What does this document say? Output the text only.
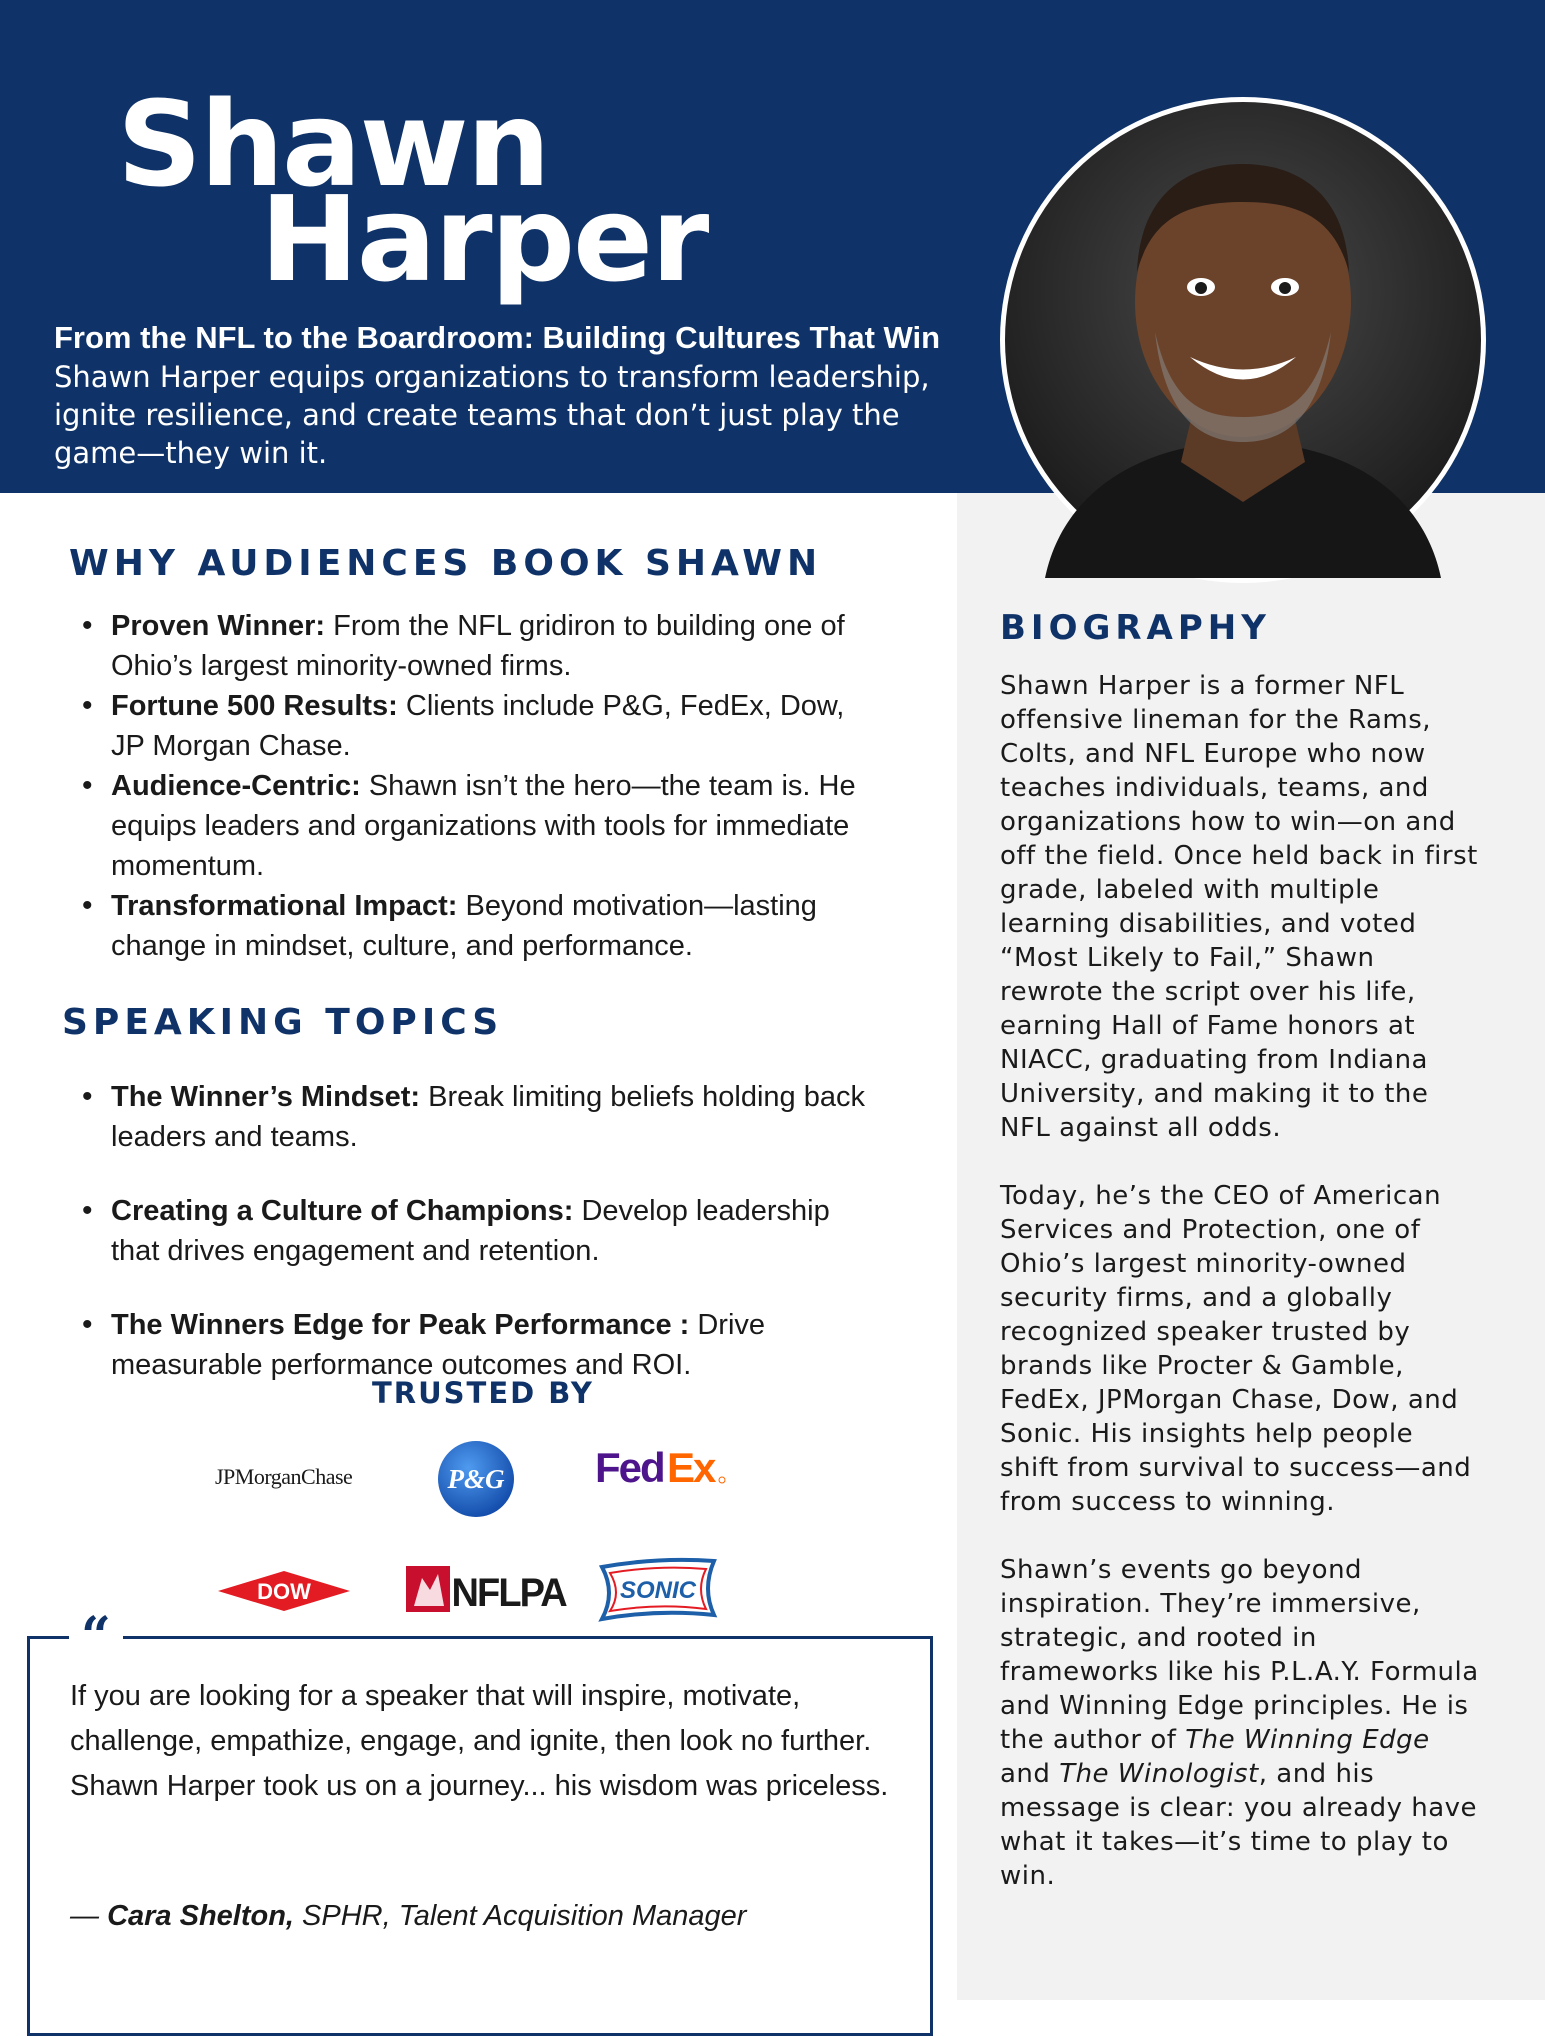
Shawn
Harper
From the NFL to the Boardroom: Building Cultures That Win
Shawn Harper equips organizations to transform leadership, ignite resilience, and create teams that don’t just play the game—they win it.
WHY AUDIENCES BOOK SHAWN
• Proven Winner: From the NFL gridiron to building one of Ohio’s largest minority-owned firms.
• Fortune 500 Results: Clients include P&G, FedEx, Dow, JP Morgan Chase.
• Audience-Centric: Shawn isn’t the hero—the team is. He equips leaders and organizations with tools for immediate momentum.
• Transformational Impact: Beyond motivation—lasting change in mindset, culture, and performance.
SPEAKING TOPICS
• The Winner’s Mindset: Break limiting beliefs holding back leaders and teams.
• Creating a Culture of Champions: Develop leadership that drives engagement and retention.
• The Winners Edge for Peak Performance : Drive measurable performance outcomes and ROI.
TRUSTED BY
JPMorganChase	P&G Fed Ex
DOW	NFLPA SONIC
“
If you are looking for a speaker that will inspire, motivate, challenge, empathize, engage, and ignite, then look no further. Shawn Harper took us on a journey... his wisdom was priceless.
— Cara Shelton, SPHR, Talent Acquisition Manager
BIOGRAPHY

Shawn Harper is a former NFL offensive lineman for the Rams, Colts, and NFL Europe who now teaches individuals, teams, and organizations how to win—on and off the field. Once held back in first grade, labeled with multiple learning disabilities, and voted “Most Likely to Fail,” Shawn rewrote the script over his life, earning Hall of Fame honors at NIACC, graduating from Indiana University, and making it to the NFL against all odds.

Today, he’s the CEO of American Services and Protection, one of Ohio’s largest minority-owned security firms, and a globally recognized speaker trusted by brands like Procter & Gamble, FedEx, JPMorgan Chase, Dow, and Sonic. His insights help people shift from survival to success—and from success to winning.

Shawn’s events go beyond inspiration. They’re immersive, strategic, and rooted in frameworks like his P.L.A.Y. Formula and Winning Edge principles. He is the author of The Winning Edge and The Winologist, and his message is clear: you already have what it takes—it’s time to play to win.
